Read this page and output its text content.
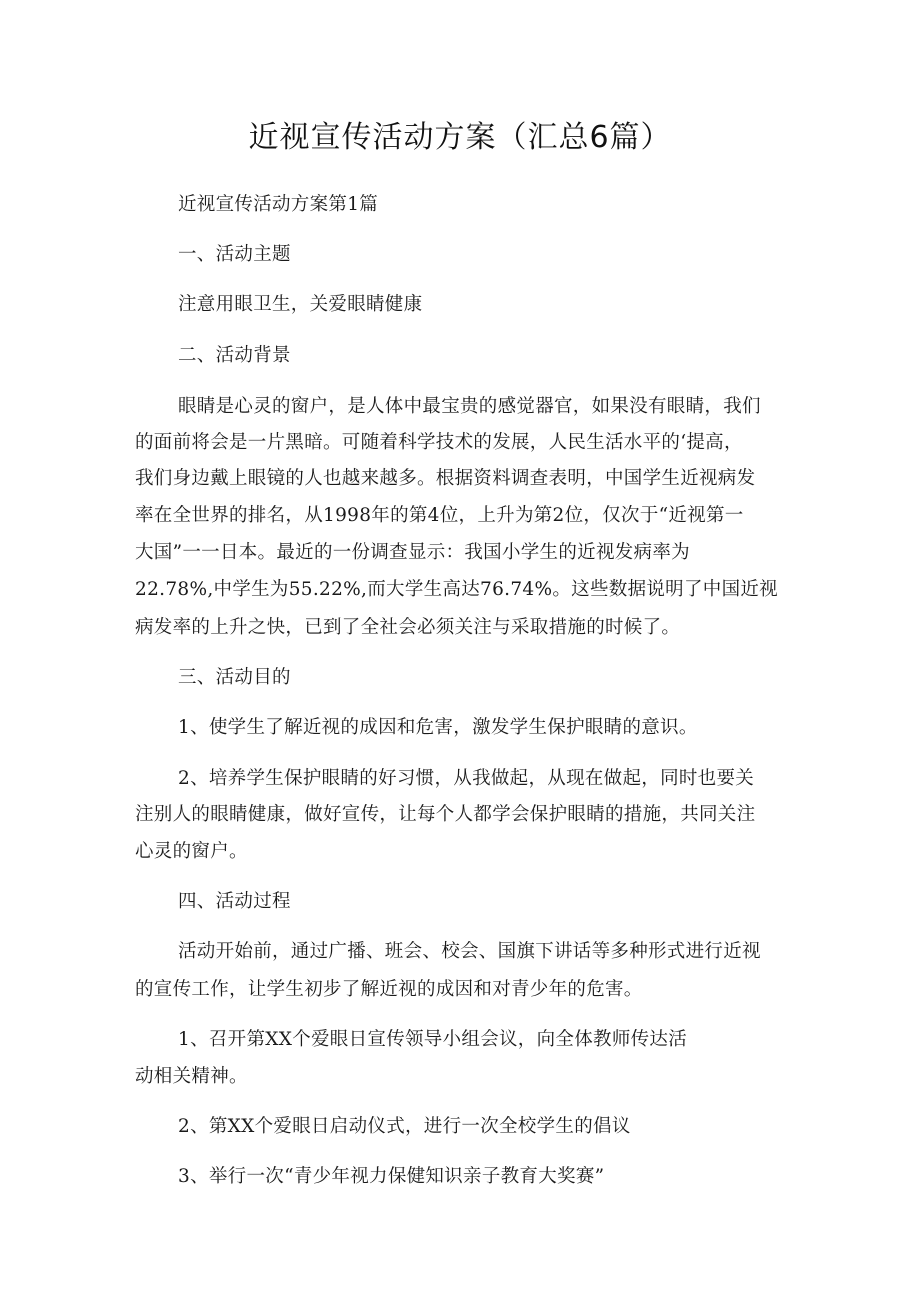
近视宣传活动方案（汇总6篇）
近视宣传活动方案第1篇
一、活动主题
注意用眼卫生，关爱眼睛健康
二、活动背景
眼睛是心灵的窗户，是人体中最宝贵的感觉器官，如果没有眼睛，我们
的面前将会是一片黑暗。可随着科学技术的发展，人民生活水平的‘提高，
我们身边戴上眼镜的人也越来越多。根据资料调查表明，中国学生近视病发
率在全世界的排名，从1998年的第4位，上升为第2位，仅次于“近视第一
大国”一一日本。最近的一份调查显示：我国小学生的近视发病率为
22.78%,中学生为55.22%,而大学生高达76.74%。这些数据说明了中国近视
病发率的上升之快，已到了全社会必须关注与采取措施的时候了。
三、活动目的
1、使学生了解近视的成因和危害，激发学生保护眼睛的意识。
2、培养学生保护眼睛的好习惯，从我做起，从现在做起，同时也要关
注别人的眼睛健康，做好宣传，让每个人都学会保护眼睛的措施，共同关注
心灵的窗户。
四、活动过程
活动开始前，通过广播、班会、校会、国旗下讲话等多种形式进行近视
的宣传工作，让学生初步了解近视的成因和对青少年的危害。
1、召开第XX个爱眼日宣传领导小组会议，向全体教师传达活
动相关精神。
2、第XX个爱眼日启动仪式，进行一次全校学生的倡议
3、举行一次“青少年视力保健知识亲子教育大奖赛”
